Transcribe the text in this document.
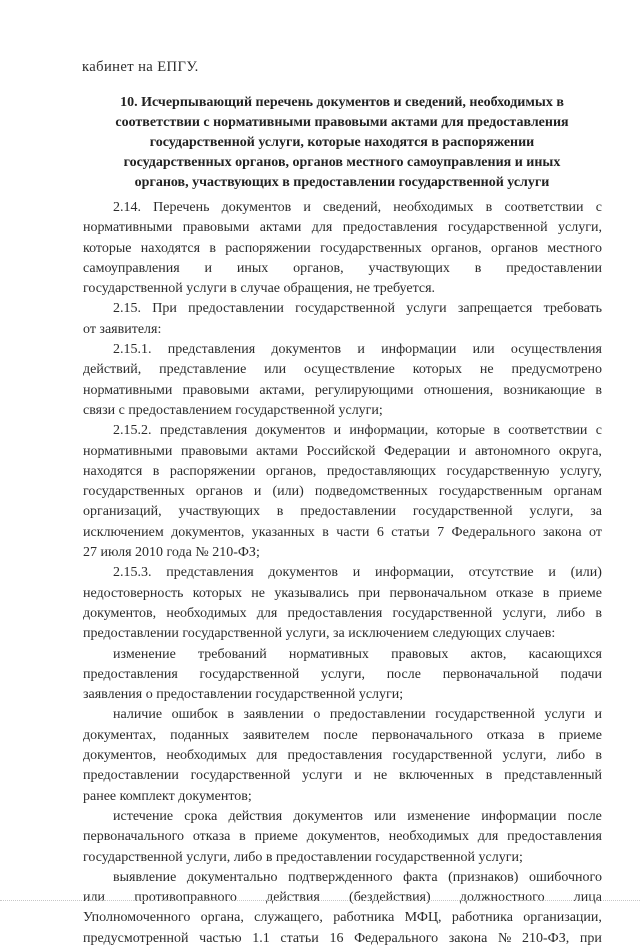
кабинет на ЕПГУ.
10. Исчерпывающий перечень документов и сведений, необходимых в
соответствии с нормативными правовыми актами для предоставления
государственной услуги, которые находятся в распоряжении
государственных органов, органов местного самоуправления и иных
органов, участвующих в предоставлении государственной услуги
2.14. Перечень документов и сведений, необходимых в соответствии с
нормативными правовыми актами для предоставления государственной услуги,
которые находятся в распоряжении государственных органов, органов местного
самоуправления и иных органов, участвующих в предоставлении
государственной услуги в случае обращения, не требуется.
2.15. При предоставлении государственной услуги запрещается требовать
от заявителя:
2.15.1. представления документов и информации или осуществления
действий, представление или осуществление которых не предусмотрено
нормативными правовыми актами, регулирующими отношения, возникающие в
связи с предоставлением государственной услуги;
2.15.2. представления документов и информации, которые в соответствии с
нормативными правовыми актами Российской Федерации и автономного округа,
находятся в распоряжении органов, предоставляющих государственную услугу,
государственных органов и (или) подведомственных государственным органам
организаций, участвующих в предоставлении государственной услуги, за
исключением документов, указанных в части 6 статьи 7 Федерального закона от
27 июля 2010 года № 210-ФЗ;
2.15.3. представления документов и информации, отсутствие и (или)
недостоверность которых не указывались при первоначальном отказе в приеме
документов, необходимых для предоставления государственной услуги, либо в
предоставлении государственной услуги, за исключением следующих случаев:
изменение требований нормативных правовых актов, касающихся
предоставления государственной услуги, после первоначальной подачи
заявления о предоставлении государственной услуги;
наличие ошибок в заявлении о предоставлении государственной услуги и
документах, поданных заявителем после первоначального отказа в приеме
документов, необходимых для предоставления государственной услуги, либо в
предоставлении государственной услуги и не включенных в представленный
ранее комплект документов;
истечение срока действия документов или изменение информации после
первоначального отказа в приеме документов, необходимых для предоставления
государственной услуги, либо в предоставлении государственной услуги;
выявление документально подтвержденного факта (признаков) ошибочного
или противоправного действия (бездействия) должностного лица
Уполномоченного органа, служащего, работника МФЦ, работника организации,
предусмотренной частью 1.1 статьи 16 Федерального закона № 210-ФЗ, при
